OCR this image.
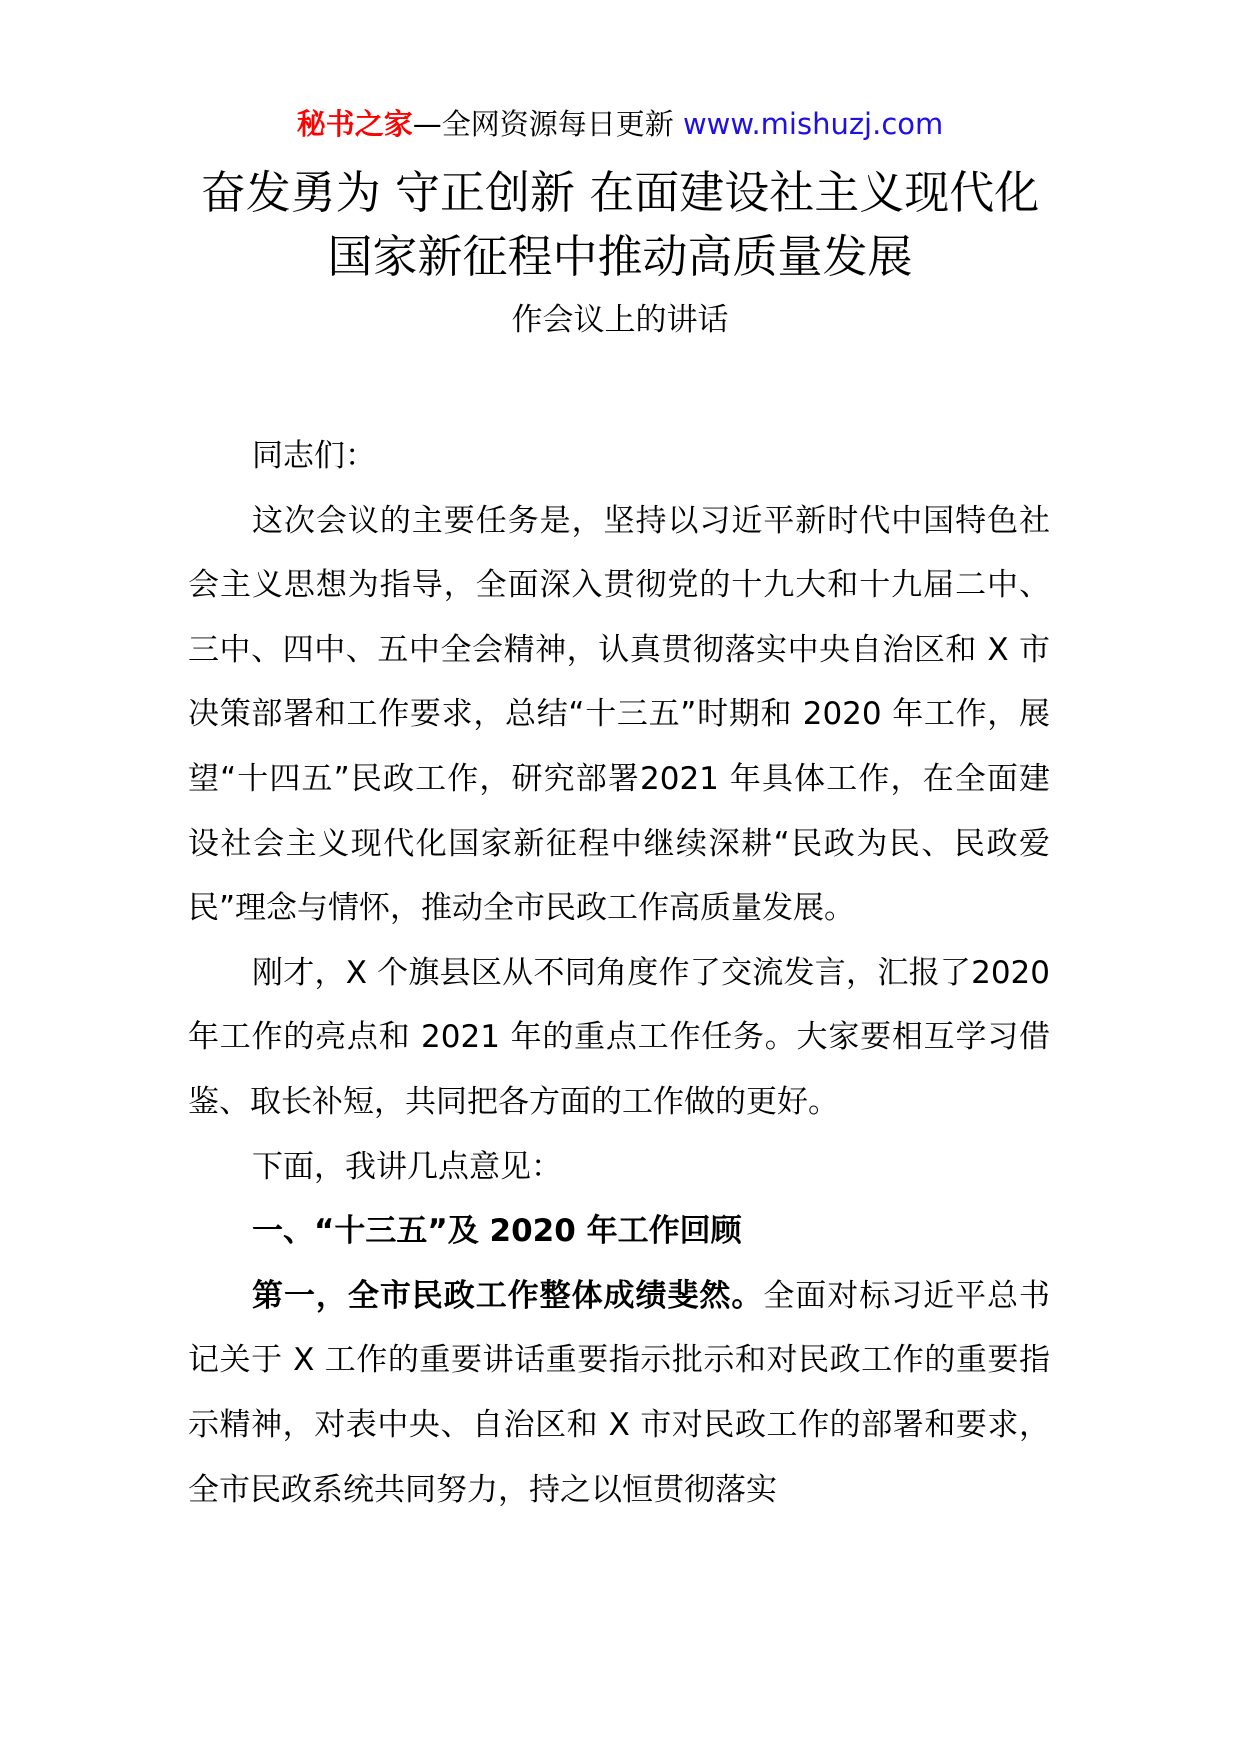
秘书之家—全网资源每日更新 www.mishuzj.com
奋发勇为 守正创新 在面建设社主义现代化
国家新征程中推动高质量发展
作会议上的讲话

同志们：

这次会议的主要任务是，坚持以习近平新时代中国特色社会主义思想为指导，全面深入贯彻党的十九大和十九届二中、三中、四中、五中全会精神，认真贯彻落实中央自治区和 X 市决策部署和工作要求，总结“十三五”时期和 2020 年工作，展望“十四五”民政工作，研究部署2021 年具体工作，在全面建设社会主义现代化国家新征程中继续深耕“民政为民、民政爱民”理念与情怀，推动全市民政工作高质量发展。

刚才，X 个旗县区从不同角度作了交流发言，汇报了2020 年工作的亮点和 2021 年的重点工作任务。大家要相互学习借鉴、取长补短，共同把各方面的工作做的更好。

下面，我讲几点意见：

一、“十三五”及 2020 年工作回顾

第一，全市民政工作整体成绩斐然。全面对标习近平总书记关于 X 工作的重要讲话重要指示批示和对民政工作的重要指示精神，对表中央、自治区和 X 市对民政工作的部署和要求，全市民政系统共同努力，持之以恒贯彻落实
